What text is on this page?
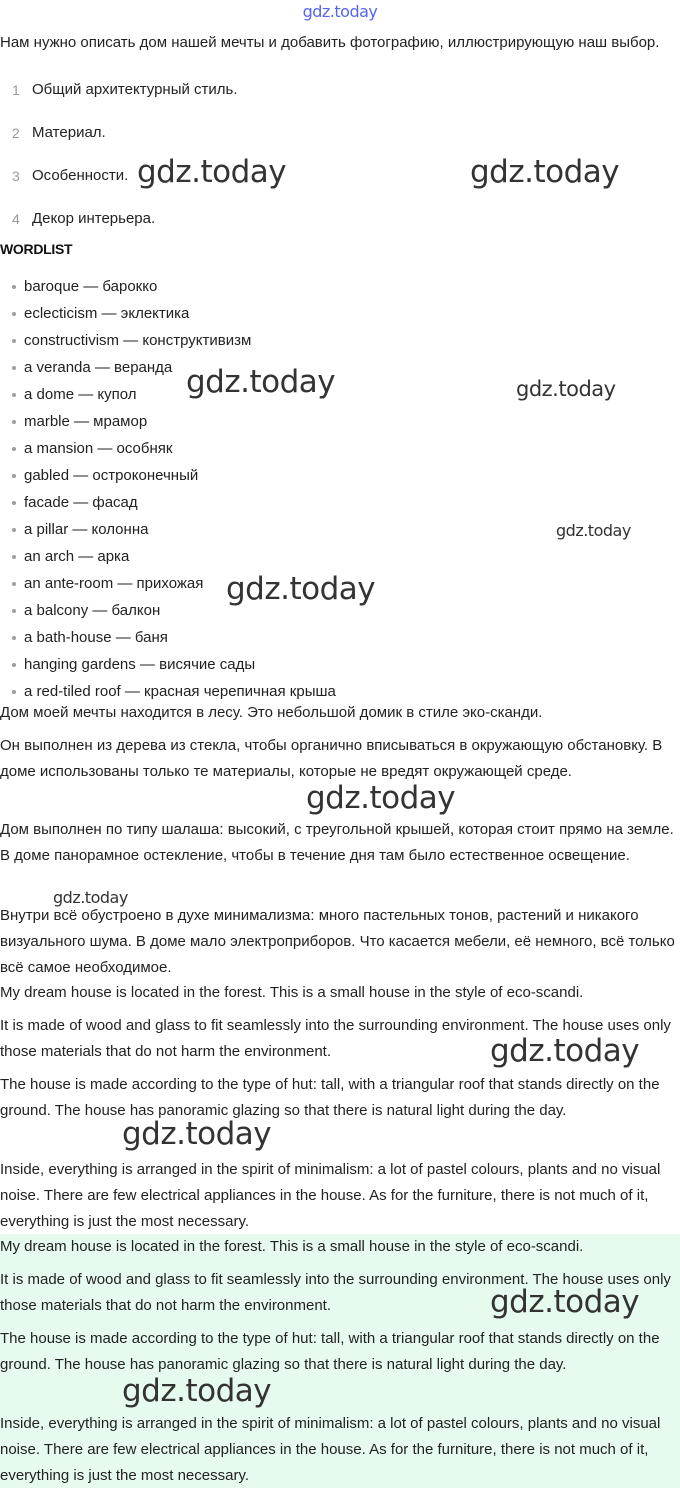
gdz.today

Нам нужно описать дом нашей мечты и добавить фотографию, иллюстрирующую наш выбор.

1 Общий архитектурный стиль.
2 Материал.
3 Особенности.
4 Декор интерьера.
WORDLIST
baroque — барокко
eclecticism — эклектика
constructivism — конструктивизм
a veranda — веранда
a dome — купол
marble — мрамор
a mansion — особняк
gabled — остроконечный
facade — фасад
a pillar — колонна
an arch — арка
an ante-room — прихожая
a balcony — балкон
a bath-house — баня
hanging gardens — висячие сады
a red-tiled roof — красная черепичная крыша

Дом моей мечты находится в лесу. Это небольшой домик в стиле эко-сканди.

Он выполнен из дерева из стекла, чтобы органично вписываться в окружающую обстановку. В доме использованы только те материалы, которые не вредят окружающей среде.

Дом выполнен по типу шалаша: высокий, с треугольной крышей, которая стоит прямо на земле. В доме панорамное остекление, чтобы в течение дня там было естественное освещение.

Внутри всё обустроено в духе минимализма: много пастельных тонов, растений и никакого визуального шума. В доме мало электроприборов. Что касается мебели, её немного, всё только всё самое необходимое.

My dream house is located in the forest. This is a small house in the style of eco-scandi.

It is made of wood and glass to fit seamlessly into the surrounding environment. The house uses only those materials that do not harm the environment.

The house is made according to the type of hut: tall, with a triangular roof that stands directly on the ground. The house has panoramic glazing so that there is natural light during the day.

Inside, everything is arranged in the spirit of minimalism: a lot of pastel colours, plants and no visual noise. There are few electrical appliances in the house. As for the furniture, there is not much of it, everything is just the most necessary.

My dream house is located in the forest. This is a small house in the style of eco-scandi.

It is made of wood and glass to fit seamlessly into the surrounding environment. The house uses only those materials that do not harm the environment.

The house is made according to the type of hut: tall, with a triangular roof that stands directly on the ground. The house has panoramic glazing so that there is natural light during the day.

Inside, everything is arranged in the spirit of minimalism: a lot of pastel colours, plants and no visual noise. There are few electrical appliances in the house. As for the furniture, there is not much of it, everything is just the most necessary.

gdz.today	gdz.today
gdz.today	gdz.today
gdz.today
gdz.today
gdz.today
gdz.today
gdz.today
gdz.today
gdz.today
gdz.today
